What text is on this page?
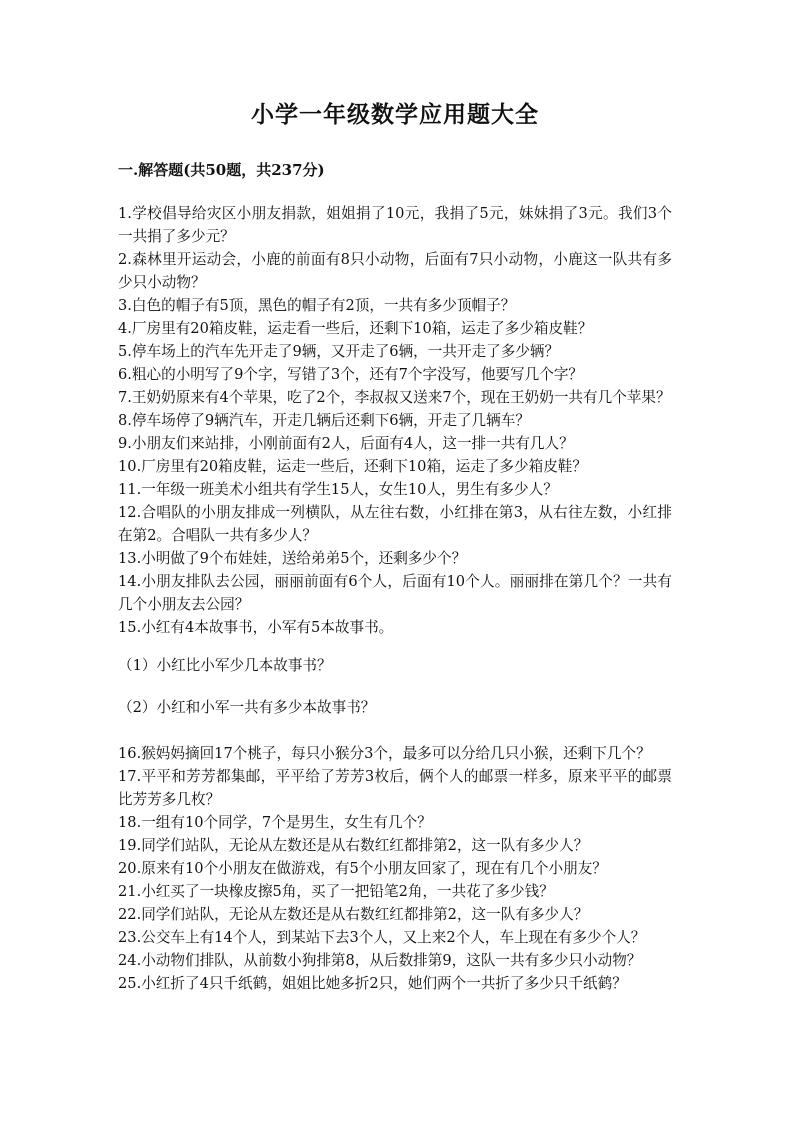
小学一年级数学应用题大全
一.解答题(共50题，共237分)
1.学校倡导给灾区小朋友捐款，姐姐捐了10元，我捐了5元，妹妹捐了3元。我们3个一共捐了多少元？
2.森林里开运动会，小鹿的前面有8只小动物，后面有7只小动物，小鹿这一队共有多少只小动物？
3.白色的帽子有5顶，黑色的帽子有2顶，一共有多少顶帽子？
4.厂房里有20箱皮鞋，运走看一些后，还剩下10箱，运走了多少箱皮鞋？
5.停车场上的汽车先开走了9辆，又开走了6辆，一共开走了多少辆？
6.粗心的小明写了9个字，写错了3个，还有7个字没写，他要写几个字？
7.王奶奶原来有4个苹果，吃了2个，李叔叔又送来7个，现在王奶奶一共有几个苹果？
8.停车场停了9辆汽车，开走几辆后还剩下6辆，开走了几辆车？
9.小朋友们来站排，小刚前面有2人，后面有4人，这一排一共有几人？
10.厂房里有20箱皮鞋，运走一些后，还剩下10箱，运走了多少箱皮鞋？
11.一年级一班美术小组共有学生15人，女生10人，男生有多少人？
12.合唱队的小朋友排成一列横队，从左往右数，小红排在第3，从右往左数，小红排在第2。合唱队一共有多少人？
13.小明做了9个布娃娃，送给弟弟5个，还剩多少个？
14.小朋友排队去公园，丽丽前面有6个人，后面有10个人。丽丽排在第几个？一共有几个小朋友去公园？
15.小红有4本故事书，小军有5本故事书。
（1）小红比小军少几本故事书？
（2）小红和小军一共有多少本故事书？
16.猴妈妈摘回17个桃子，每只小猴分3个，最多可以分给几只小猴，还剩下几个？
17.平平和芳芳都集邮，平平给了芳芳3枚后，俩个人的邮票一样多，原来平平的邮票比芳芳多几枚？
18.一组有10个同学，7个是男生，女生有几个？
19.同学们站队，无论从左数还是从右数红红都排第2，这一队有多少人？
20.原来有10个小朋友在做游戏，有5个小朋友回家了，现在有几个小朋友？
21.小红买了一块橡皮擦5角，买了一把铅笔2角，一共花了多少钱？
22.同学们站队，无论从左数还是从右数红红都排第2，这一队有多少人？
23.公交车上有14个人，到某站下去3个人，又上来2个人，车上现在有多少个人？
24.小动物们排队，从前数小狗排第8，从后数排第9，这队一共有多少只小动物？
25.小红折了4只千纸鹤，姐姐比她多折2只，她们两个一共折了多少只千纸鹤？
